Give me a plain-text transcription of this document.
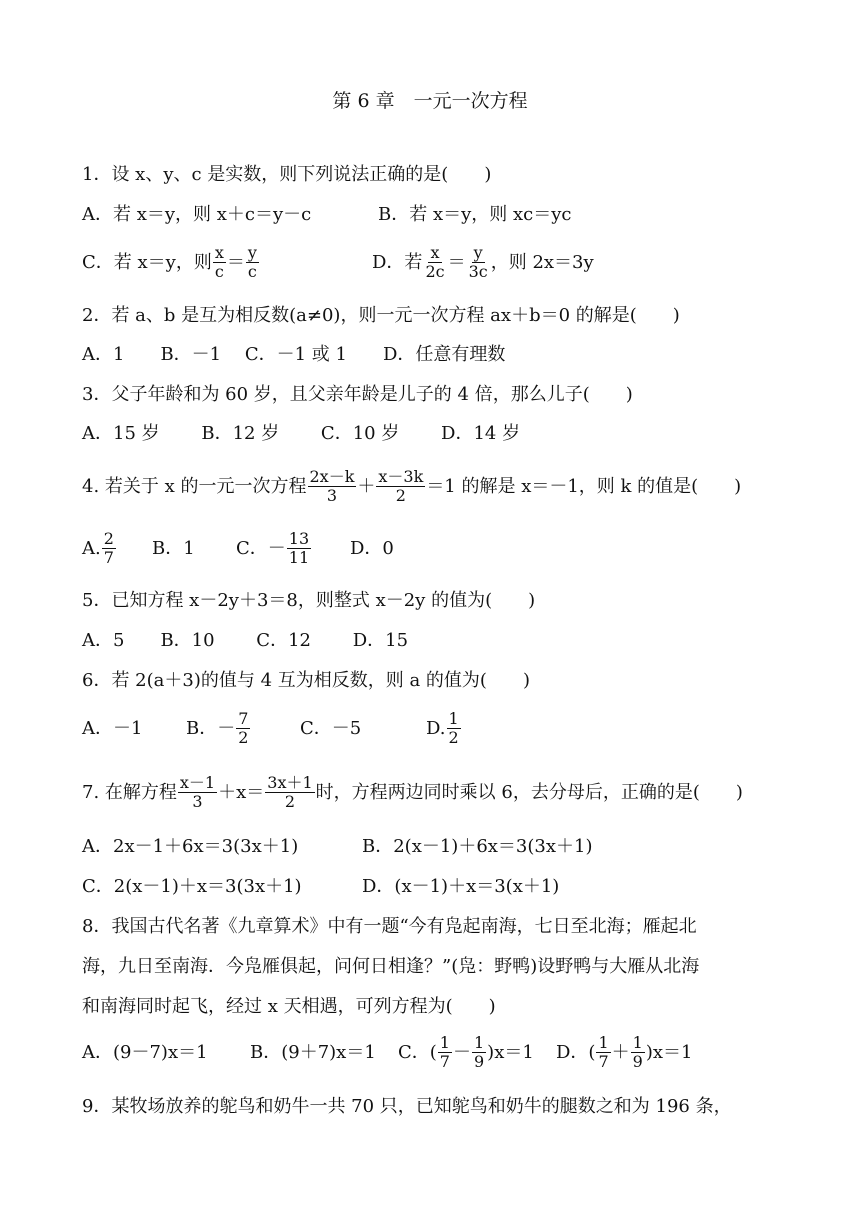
第 6 章　一元一次方程
1．设 x、y、c 是实数，则下列说法正确的是(　　)
A．若 x＝y，则 x＋c＝y－c	B．若 x＝y，则 xc＝yc
C．若 x＝y，则 $\frac{x}{c} = \frac{y}{c}$	D．若 $\frac{x}{2c} = \frac{y}{3c}$ ，则 2x＝3y
2．若 a、b 是互为相反数(a≠0)，则一元一次方程 ax＋b＝0 的解是(　　)
A．1　　B．－1　 C．－1 或 1　　D．任意有理数
3．父子年龄和为 60 岁，且父亲年龄是儿子的 4 倍，那么儿子(　　)
A．15 岁　　 B．12 岁　　 C．10 岁　　 D．14 岁
4. 若关于 x 的一元一次方程 $\frac{2x-k}{3} + \frac{x-3k}{2} =1$ 的解是 x＝－1，则 k 的值是(　　)
A. $\frac{2}{7}$ B．1 C．－ $\frac{13}{11}$ D．0
5．已知方程 x－2y＋3＝8，则整式 x－2y 的值为(　　)
A．5　　B．10　　 C．12　　 D．15
6．若 2(a＋3)的值与 4 互为相反数，则 a 的值为(　　)
A．－1 B．－ $\frac{7}{2}$	C．－5	D. $\frac{1}{2}$
7. 在解方程 $\frac{x-1}{3} +x= \frac{3x+1}{2}$ 时，方程两边同时乘以 6，去分母后，正确的是(　　)
A．2x－1＋6x＝3(3x＋1)	B．2(x－1)＋6x＝3(3x＋1)
C．2(x－1)＋x＝3(3x＋1)	D．(x－1)＋x＝3(x＋1)
8．我国古代名著《九章算术》中有一题“今有凫起南海，七日至北海；雁起北
海，九日至南海．今凫雁俱起，问何日相逢？”(凫：野鸭)设野鸭与大雁从北海
和南海同时起飞，经过 x 天相遇，可列方程为(　　)
A．(9－7)x＝1 B．(9＋7)x＝1 C．( $\frac{1}{7} - \frac{1}{9} )x=1$ D．( $\frac{1}{7} + \frac{1}{9} )x=1$
9．某牧场放养的鸵鸟和奶牛一共 70 只，已知鸵鸟和奶牛的腿数之和为 196 条，
